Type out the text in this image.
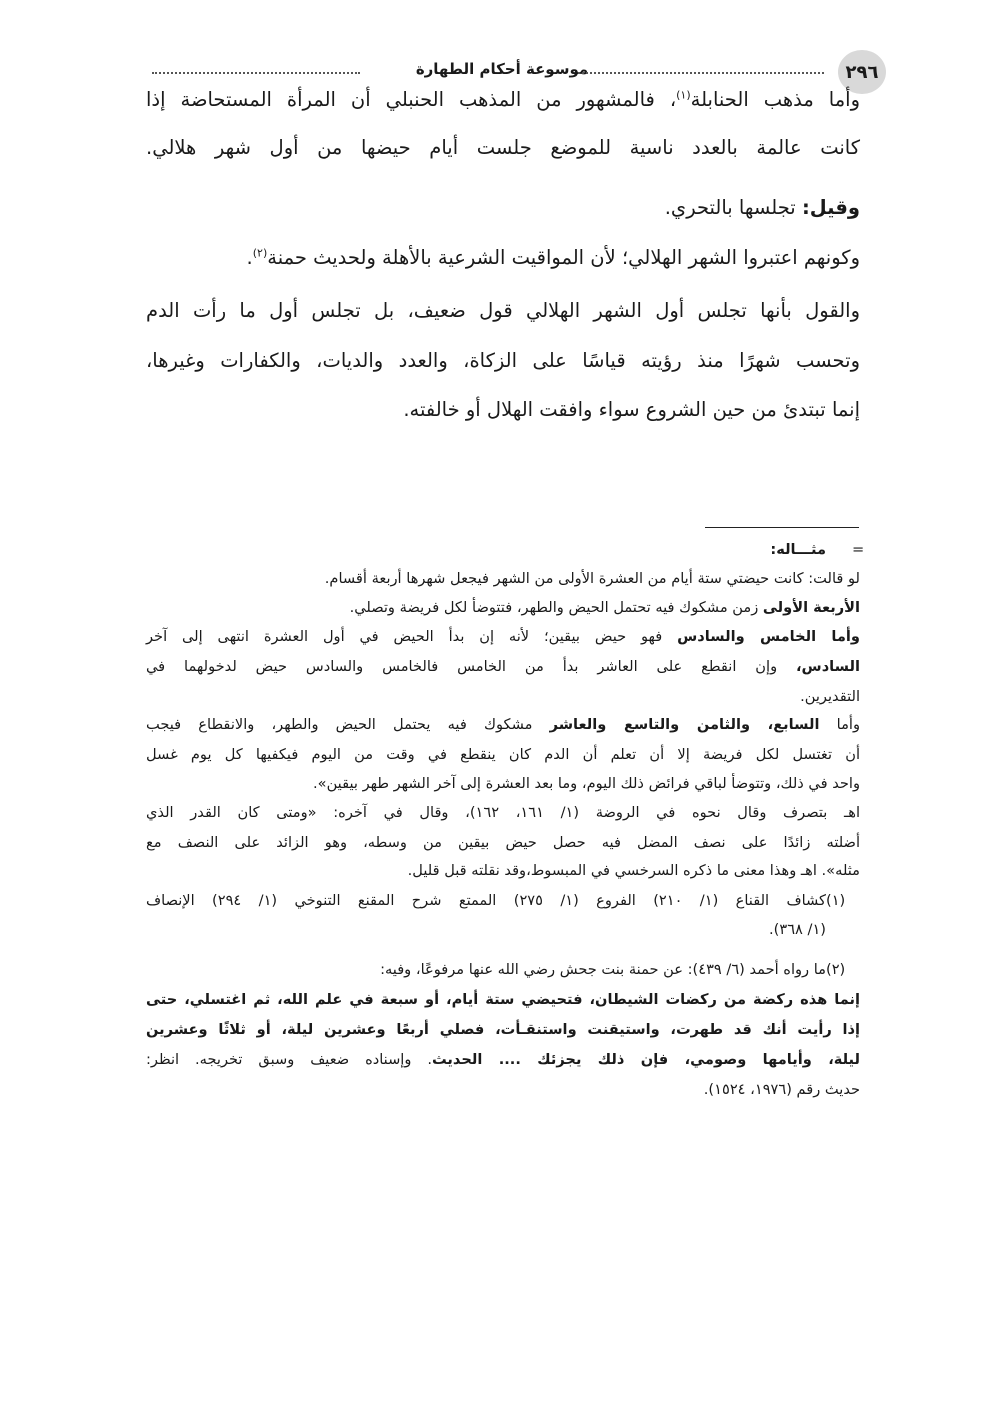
٢٩٦
موسوعة أحكام الطهارة
وأما مذهب الحنابلة$^{(١)}$، فالمشهور من المذهب الحنبلي أن المرأة المستحاضة إذا
كانت عالمة بالعدد ناسية للموضع جلست أيام حيضها من أول شهر هلالي.
وقيل: تجلسها بالتحري.
وكونهم اعتبروا الشهر الهلالي؛ لأن المواقيت الشرعية بالأهلة ولحديث حمنة$^{(٢)}$.
والقول بأنها تجلس أول الشهر الهلالي قول ضعيف، بل تجلس أول ما رأت الدم
وتحسب شهرًا منذ رؤيته قياسًا على الزكاة، والعدد والديات، والكفارات وغيرها،
إنما تبتدئ من حين الشروع سواء وافقت الهلال أو خالفته.
=
مثـــاله:
لو قالت: كانت حيضتي ستة أيام من العشرة الأولى من الشهر فيجعل شهرها أربعة أقسام.
الأربعة الأولى زمن مشكوك فيه تحتمل الحيض والطهر، فتتوضأ لكل فريضة وتصلي.
وأما الخامس والسادس فهو حيض بيقين؛ لأنه إن بدأ الحيض في أول العشرة انتهى إلى آخر
السادس، وإن انقطع على العاشر بدأ من الخامس فالخامس والسادس حيض لدخولهما في
التقديرين.
وأما السابع، والثامن والتاسع والعاشر مشكوك فيه يحتمل الحيض والطهر، والانقطاع فيجب
أن تغتسل لكل فريضة إلا أن تعلم أن الدم كان ينقطع في وقت من اليوم فيكفيها كل يوم غسل
واحد في ذلك، وتتوضأ لباقي فرائض ذلك اليوم، وما بعد العشرة إلى آخر الشهر طهر بيقين».
اهـ بتصرف وقال نحوه في الروضة (١/ ١٦١، ١٦٢)، وقال في آخره: «ومتى كان القدر الذي
أضلته زائدًا على نصف المضل فيه حصل حيض بيقين من وسطه، وهو الزائد على النصف مع
مثله». اهـ وهذا معنى ما ذكره السرخسي في المبسوط،وقد نقلته قبل قليل.
(١)
كشاف القناع (١/ ٢١٠) الفروع (١/ ٢٧٥) الممتع شرح المقنع التنوخي (١/ ٢٩٤) الإنصاف
(١/ ٣٦٨).
(٢)
ما رواه أحمد (٦/ ٤٣٩): عن حمنة بنت جحش رضي الله عنها مرفوعًا، وفيه:
إنما هذه ركضة من ركضات الشيطان، فتحيضي ستة أيام، أو سبعة في علم الله، ثم اغتسلي، حتى
إذا رأيت أنك قد طهرت، واستيقنت واستنقـأت، فصلي أربعًا وعشرين ليلة، أو ثلاثًا وعشرين
ليلة، وأيامها وصومي، فإن ذلك يجزئك .... الحديث. وإسناده ضعيف وسبق تخريجه. انظر:
حديث رقم (١٩٧٦، ١٥٢٤).
